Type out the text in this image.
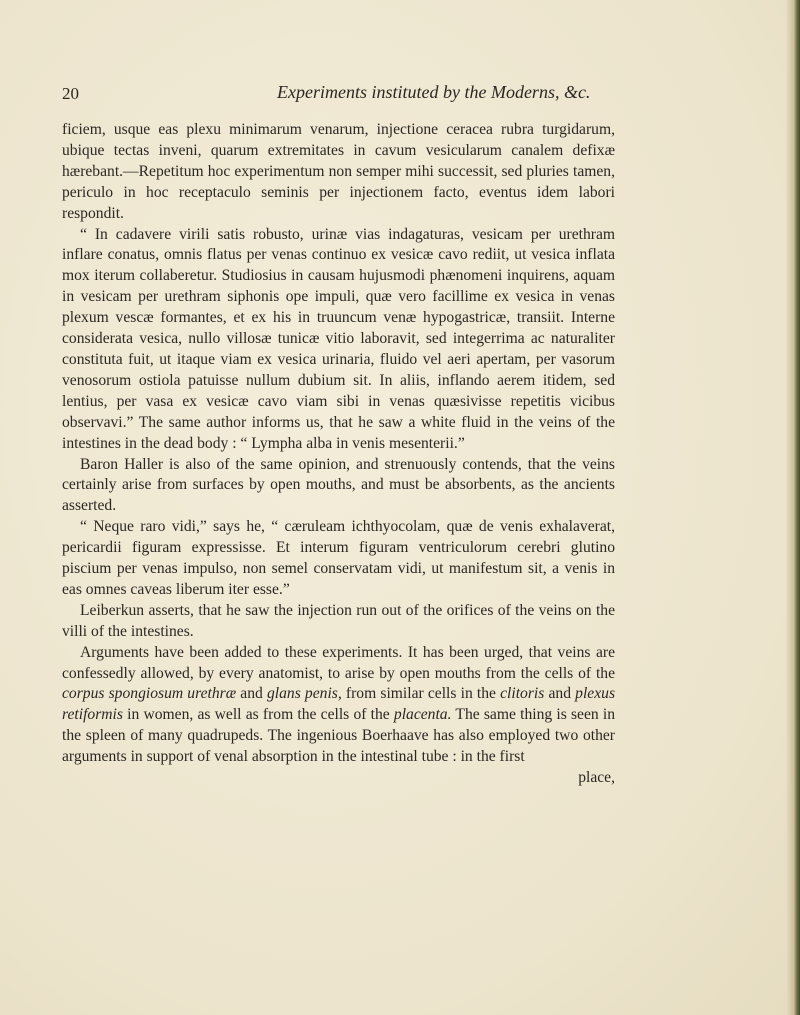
20	Experiments instituted by the Moderns, &c.

ficiem, usque eas plexu minimarum venarum, injectione ceracea rubra turgidarum, ubique tectas inveni, quarum extremitates in cavum vesicularum canalem defixæ hærebant.—Repetitum hoc experimentum non semper mihi successit, sed pluries tamen, periculo in hoc receptaculo seminis per injectionem facto, eventus idem labori respondit.

“ In cadavere virili satis robusto, urinæ vias indagaturas, vesicam per urethram inflare conatus, omnis flatus per venas continuo ex vesicæ cavo rediit, ut vesica inflata mox iterum collaberetur. Studiosius in causam hujusmodi phænomeni inquirens, aquam in vesicam per urethram siphonis ope impuli, quæ vero facillime ex vesica in venas plexum vescæ formantes, et ex his in truuncum venæ hypogastricæ, transiit. Interne considerata vesica, nullo villosæ tunicæ vitio laboravit, sed integerrima ac naturaliter constituta fuit, ut itaque viam ex vesica urinaria, fluido vel aeri apertam, per vasorum venosorum ostiola patuisse nullum dubium sit. In aliis, inflando aerem itidem, sed lentius, per vasa ex vesicæ cavo viam sibi in venas quæsivisse repetitis vicibus observavi.” The same author informs us, that he saw a white fluid in the veins of the intestines in the dead body : “ Lympha alba in venis mesenterii.”

Baron Haller is also of the same opinion, and strenuously contends, that the veins certainly arise from surfaces by open mouths, and must be absorbents, as the ancients asserted.

“ Neque raro vidi,” says he, “ cæruleam ichthyocolam, quæ de venis exhalaverat, pericardii figuram expressisse. Et interum figuram ventriculorum cerebri glutino piscium per venas impulso, non semel conservatam vidi, ut manifestum sit, a venis in eas omnes caveas liberum iter esse.”

Leiberkun asserts, that he saw the injection run out of the orifices of the veins on the villi of the intestines.

Arguments have been added to these experiments. It has been urged, that veins are confessedly allowed, by every anatomist, to arise by open mouths from the cells of the corpus spongiosum urethræ and glans penis, from similar cells in the clitoris and plexus retiformis in women, as well as from the cells of the placenta. The same thing is seen in the spleen of many quadrupeds. The ingenious Boerhaave has also employed two other arguments in support of venal absorption in the intestinal tube : in the first

place,
